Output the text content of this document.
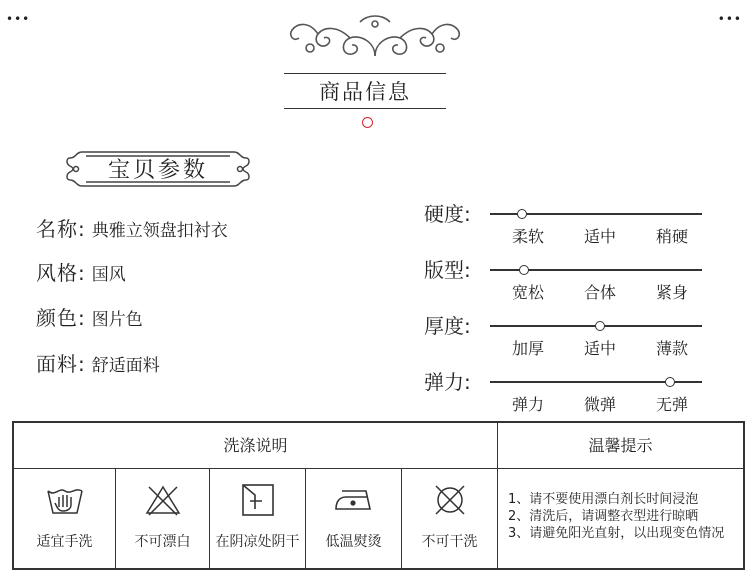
•••	•••
商品信息
宝贝参数
名称: 典雅立领盘扣衬衣
风格: 国风
颜色: 图片色
面料: 舒适面料
硬度:
柔软	适中	稍硬
版型:
宽松	合体	紧身
厚度:
加厚	适中	薄款
弹力:
弹力	微弹	无弹
洗涤说明	温馨提示
适宜手洗	不可漂白	在阴凉处阴干	低温熨烫	不可干洗
1、请不要使用漂白剂长时间浸泡
2、清洗后，请调整衣型进行晾晒
3、请避免阳光直射，以出现变色情况
